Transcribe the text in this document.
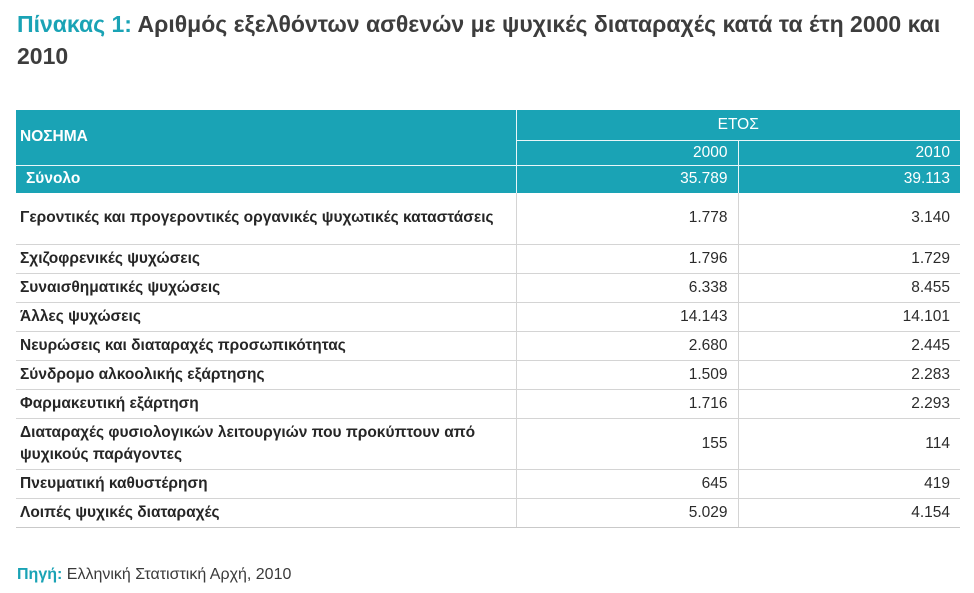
Πίνακας 1: Αριθμός εξελθόντων ασθενών με ψυχικές διαταραχές κατά τα έτη 2000 και 2010
ΝΟΣΗΜΑ	ΕΤΟΣ	
	2000	2010
Σύνολο	35.789	39.113
Γεροντικές και προγεροντικές οργανικές ψυχωτικές καταστάσεις	1.778	3.140
Σχιζοφρενικές ψυχώσεις	1.796	1.729
Συναισθηματικές ψυχώσεις	6.338	8.455
Άλλες ψυχώσεις	14.143	14.101
Νευρώσεις και διαταραχές προσωπικότητας	2.680	2.445
Σύνδρομο αλκοολικής εξάρτησης	1.509	2.283
Φαρμακευτική εξάρτηση	1.716	2.293
Διαταραχές φυσιολογικών λειτουργιών που προκύπτουν από ψυχικούς παράγοντες	155	114
Πνευματική καθυστέρηση	645	419
Λοιπές ψυχικές διαταραχές	5.029	4.154
Πηγή: Ελληνική Στατιστική Αρχή, 2010
